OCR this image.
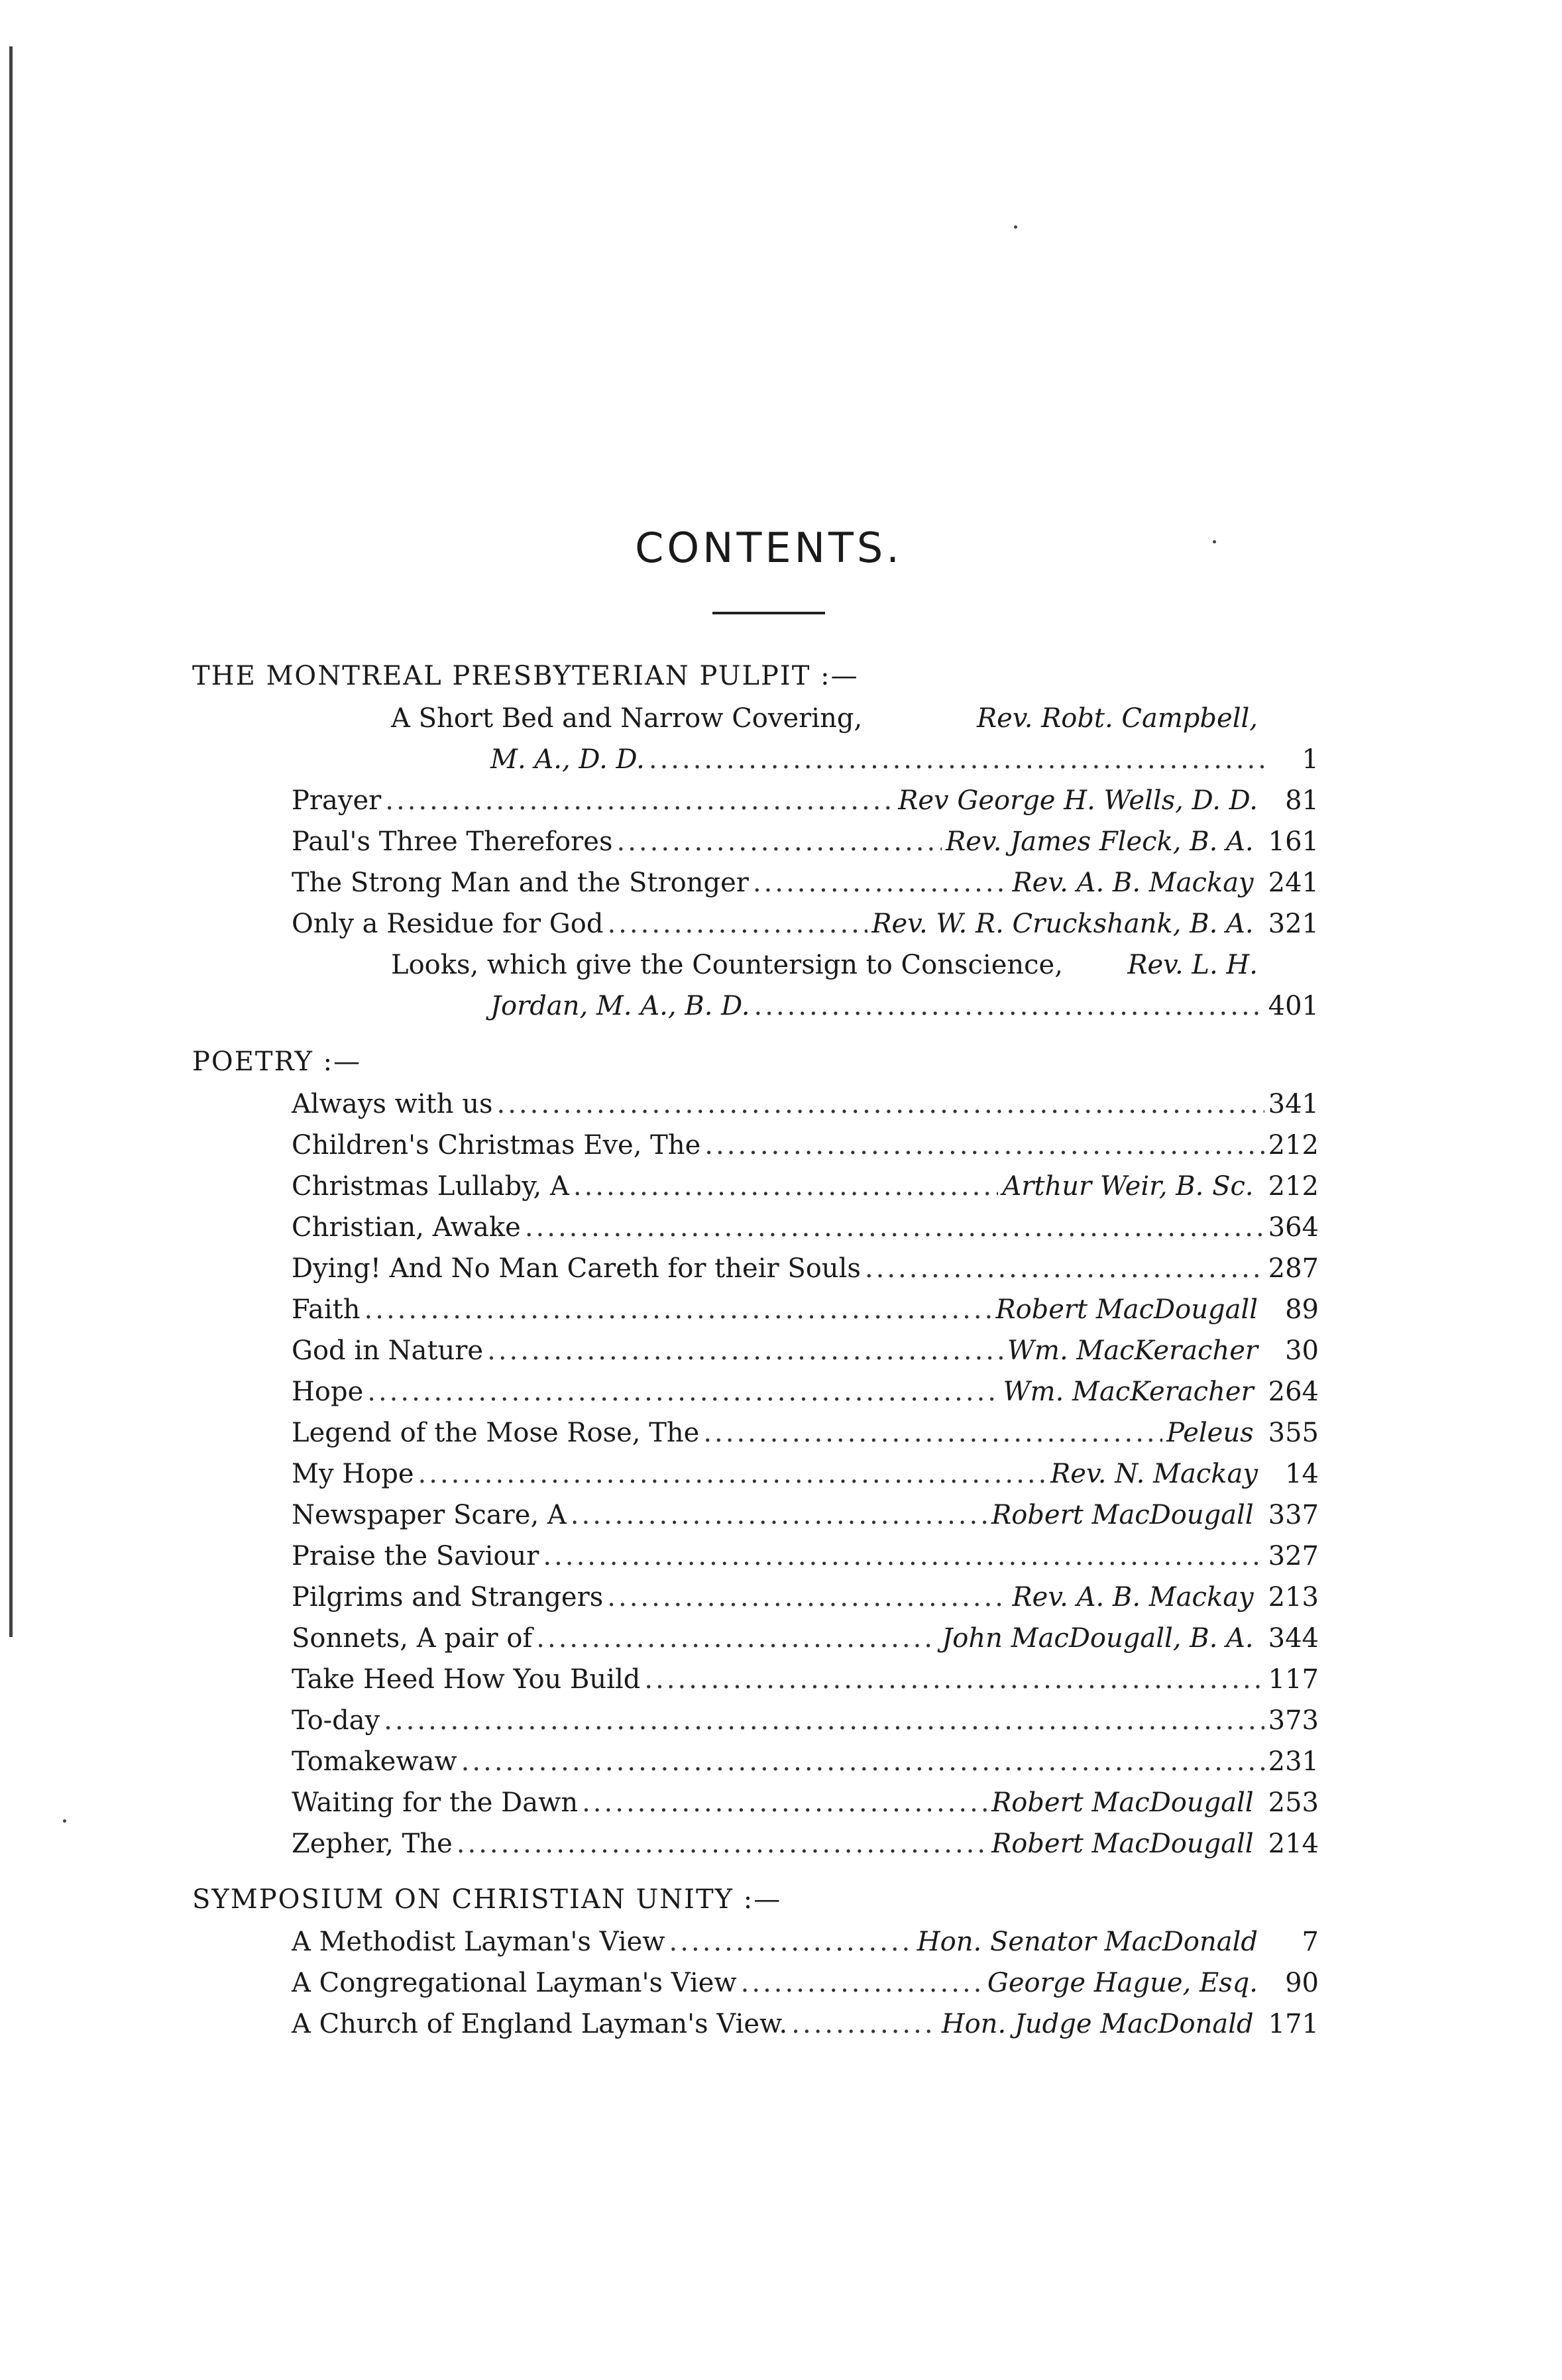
CONTENTS.
THE MONTREAL PRESBYTERIAN PULPIT :—
A Short Bed and Narrow Covering,	Rev. Robt. Campbell,
M. A., D. D. .....	1
Prayer .....	Rev George H. Wells, D. D.	81
Paul's Three Therefores .....	Rev. James Fleck, B. A. 161
The Strong Man and the Stronger .....	Rev. A. B. Mackay 241
Only a Residue for God .....	Rev. W. R. Cruckshank, B. A. 321
Looks, which give the Countersign to Conscience, Rev. L. H.
Jordan, M. A., B. D. .....	401
POETRY :—
Always with us .....	341
Children's Christmas Eve, The .....	212
Christmas Lullaby, A .....	Arthur Weir, B. Sc. 212
Christian, Awake .....	364
Dying! And No Man Careth for their Souls .....	287
Faith .....	Robert MacDougall	89
God in Nature .....	Wm. MacKeracher	30
Hope .....	Wm. MacKeracher 264
Legend of the Mose Rose, The .....	Peleus 355
My Hope .....	Rev. N. Mackay	14
Newspaper Scare, A .....	Robert MacDougall 337
Praise the Saviour .....	327
Pilgrims and Strangers .....	Rev. A. B. Mackay 213
Sonnets, A pair of .....	John MacDougall, B. A. 344
Take Heed How You Build .....	117
To-day .....	373
Tomakewaw .....	231
Waiting for the Dawn .....	Robert MacDougall 253
Zepher, The .....	Robert MacDougall 214
SYMPOSIUM ON CHRISTIAN UNITY :—
A Methodist Layman's View .....	Hon. Senator MacDonald	7
A Congregational Layman's View .....	George Hague, Esq.	90
A Church of England Layman's View. .....	Hon. Judge MacDonald 171
